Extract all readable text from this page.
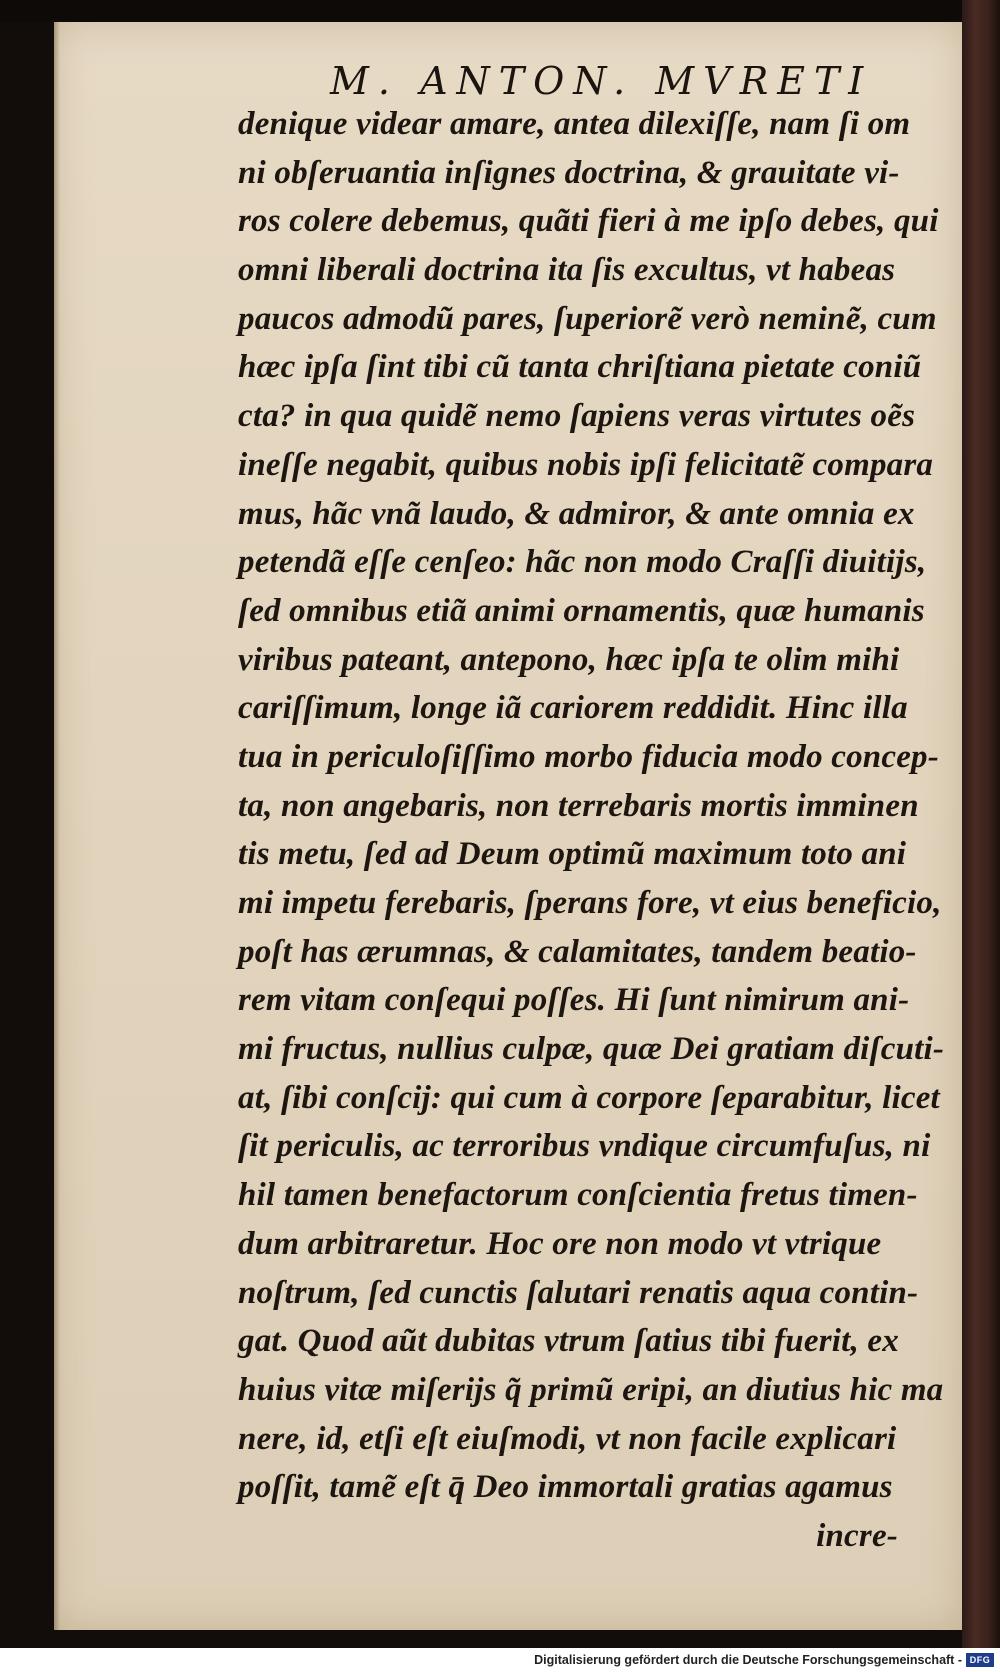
M. ANTON. MVRETI
denique videar amare, antea dilexiſſe, nam ſi om
ni obſeruantia inſignes doctrina, & grauitate vi-
ros colere debemus, quãti fieri à me ipſo debes, qui
omni liberali doctrina ita ſis excultus, vt habeas
paucos admodũ pares, ſuperiorẽ verò neminẽ, cum
hæc ipſa ſint tibi cũ tanta chriſtiana pietate coniũ
cta? in qua quidẽ nemo ſapiens veras virtutes oẽs
ineſſe negabit, quibus nobis ipſi felicitatẽ compara
mus, hãc vnã laudo, & admiror, & ante omnia ex
petendã eſſe cenſeo: hãc non modo Craſſi diuitijs,
ſed omnibus etiã animi ornamentis, quæ humanis
viribus pateant, antepono, hæc ipſa te olim mihi
cariſſimum, longe iã cariorem reddidit. Hinc illa
tua in periculoſiſſimo morbo fiducia modo concep-
ta, non angebaris, non terrebaris mortis imminen
tis metu, ſed ad Deum optimũ maximum toto ani
mi impetu ferebaris, ſperans fore, vt eius beneficio,
poſt has ærumnas, & calamitates, tandem beatio-
rem vitam conſequi poſſes. Hi ſunt nimirum ani-
mi fructus, nullius culpæ, quæ Dei gratiam diſcuti-
at, ſibi conſcij: qui cum à corpore ſeparabitur, licet
ſit periculis, ac terroribus vndique circumfuſus, ni
hil tamen benefactorum conſcientia fretus timen-
dum arbitraretur. Hoc ore non modo vt vtrique
noſtrum, ſed cunctis ſalutari renatis aqua contin-
gat. Quod aũt dubitas vtrum ſatius tibi fuerit, ex
huius vitæ miſerijs q̃ primũ eripi, an diutius hic ma
nere, id, etſi eſt eiuſmodi, vt non facile explicari
poſſit, tamẽ eſt q̄ Deo immortali gratias agamus
incre-
Digitalisierung gefördert durch die Deutsche Forschungsgemeinschaft - DFG
